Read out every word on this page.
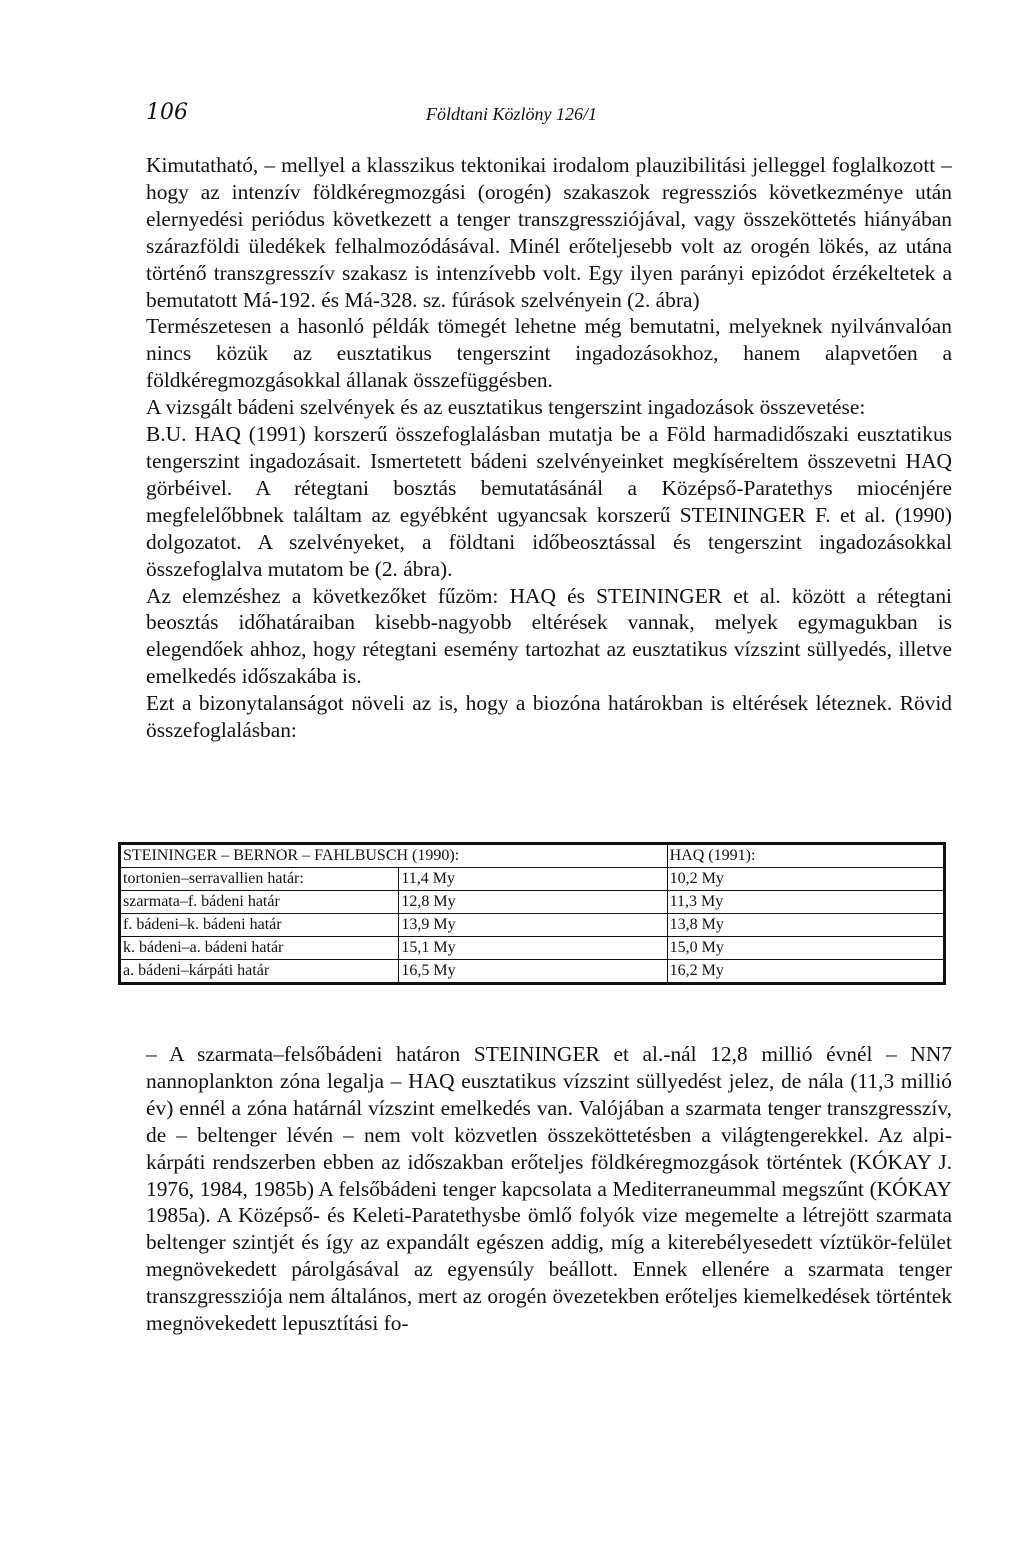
106	Földtani Közlöny 126/1

Kimutatható, – mellyel a klasszikus tektonikai irodalom plauzibilitási jelleggel foglalkozott – hogy az intenzív földkéregmozgási (orogén) szakaszok regressziós következménye után elernyedési periódus következett a tenger transzgressziójával, vagy összeköttetés hiányában szárazföldi üledékek felhalmozódásával. Minél erőteljesebb volt az orogén lökés, az utána történő transzgresszív szakasz is intenzívebb volt. Egy ilyen parányi epizódot érzékeltetek a bemutatott Má-192. és Má-328. sz. fúrások szelvényein (2. ábra)

Természetesen a hasonló példák tömegét lehetne még bemutatni, melyeknek nyilvánvalóan nincs közük az eusztatikus tengerszint ingadozásokhoz, hanem alapvetően a földkéregmozgásokkal állanak összefüggésben.

A vizsgált bádeni szelvények és az eusztatikus tengerszint ingadozások összevetése:

B.U. HAQ (1991) korszerű összefoglalásban mutatja be a Föld harmadidőszaki eusztatikus tengerszint ingadozásait. Ismertetett bádeni szelvényeinket megkíséreltem összevetni HAQ görbéivel. A rétegtani bosztás bemutatásánál a Középső-Paratethys miocénjére megfelelőbbnek találtam az egyébként ugyancsak korszerű STEININGER F. et al. (1990) dolgozatot. A szelvényeket, a földtani időbeosztással és tengerszint ingadozásokkal összefoglalva mutatom be (2. ábra).

Az elemzéshez a következőket fűzöm: HAQ és STEININGER et al. között a rétegtani beosztás időhatáraiban kisebb-nagyobb eltérések vannak, melyek egymagukban is elegendőek ahhoz, hogy rétegtani esemény tartozhat az eusztatikus vízszint süllyedés, illetve emelkedés időszakába is.

Ezt a bizonytalanságot növeli az is, hogy a biozóna határokban is eltérések léteznek. Rövid összefoglalásban:

STEININGER – BERNOR – FAHLBUSCH (1990):		HAQ (1991):
tortonien–serravallien határ:	11,4 My	10,2 My
szarmata–f. bádeni határ	12,8 My	11,3 My
f. bádeni–k. bádeni határ	13,9 My	13,8 My
k. bádeni–a. bádeni határ	15,1 My	15,0 My
a. bádeni–kárpáti határ	16,5 My	16,2 My

– A szarmata–felsőbádeni határon STEININGER et al.-nál 12,8 millió évnél – NN7 nannoplankton zóna legalja – HAQ eusztatikus vízszint süllyedést jelez, de nála (11,3 millió év) ennél a zóna határnál vízszint emelkedés van. Valójában a szarmata tenger transzgresszív, de – beltenger lévén – nem volt közvetlen összeköttetésben a világtengerekkel. Az alpi-kárpáti rendszerben ebben az időszakban erőteljes földkéregmozgások történtek (KÓKAY J. 1976, 1984, 1985b) A felsőbádeni tenger kapcsolata a Mediterraneummal megszűnt (KÓKAY 1985a). A Középső- és Keleti-Paratethysbe ömlő folyók vize megemelte a létrejött szarmata beltenger szintjét és így az expandált egészen addig, míg a kiterebélyesedett víztükör-felület megnövekedett párolgásával az egyensúly beállott. Ennek ellenére a szarmata tenger transzgressziója nem általános, mert az orogén övezetekben erőteljes kiemelkedések történtek megnövekedett lepusztítási fo-
